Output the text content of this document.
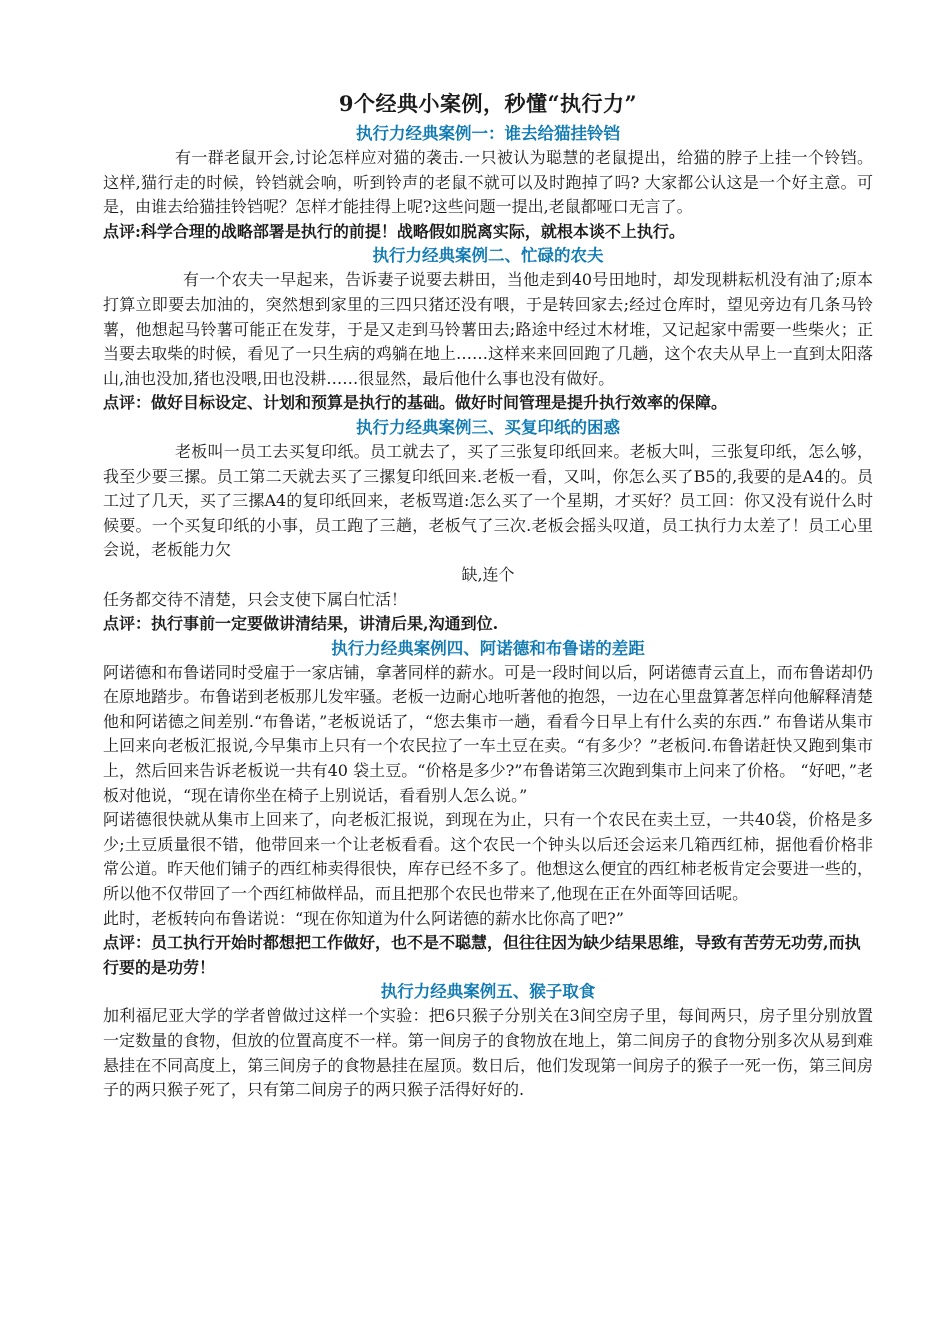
9个经典小案例，秒懂“执行力”
执行力经典案例一：谁去给猫挂铃铛

有一群老鼠开会,讨论怎样应对猫的袭击.一只被认为聪慧的老鼠提出，给猫的脖子上挂一个铃铛。这样,猫行走的时候，铃铛就会响，听到铃声的老鼠不就可以及时跑掉了吗? 大家都公认这是一个好主意。可是，由谁去给猫挂铃铛呢？怎样才能挂得上呢?这些问题一提出,老鼠都哑口无言了。

点评:科学合理的战略部署是执行的前提！战略假如脱离实际，就根本谈不上执行。

执行力经典案例二、忙碌的农夫

有一个农夫一早起来，告诉妻子说要去耕田，当他走到40号田地时，却发现耕耘机没有油了;原本打算立即要去加油的，突然想到家里的三四只猪还没有喂，于是转回家去;经过仓库时，望见旁边有几条马铃薯，他想起马铃薯可能正在发芽，于是又走到马铃薯田去;路途中经过木材堆，又记起家中需要一些柴火；正当要去取柴的时候，看见了一只生病的鸡躺在地上……这样来来回回跑了几趟，这个农夫从早上一直到太阳落山,油也没加,猪也没喂,田也没耕……很显然，最后他什么事也没有做好。

点评：做好目标设定、计划和预算是执行的基础。做好时间管理是提升执行效率的保障。

执行力经典案例三、买复印纸的困惑

老板叫一员工去买复印纸。员工就去了，买了三张复印纸回来。老板大叫，三张复印纸，怎么够，我至少要三摞。员工第二天就去买了三摞复印纸回来.老板一看，又叫，你怎么买了B5的,我要的是A4的。员工过了几天，买了三摞A4的复印纸回来，老板骂道:怎么买了一个星期，才买好？员工回：你又没有说什么时候要。一个买复印纸的小事，员工跑了三趟，老板气了三次.老板会摇头叹道，员工执行力太差了！员工心里会说，老板能力欠

缺,连个

任务都交待不清楚，只会支使下属白忙活！

点评：执行事前一定要做讲清结果，讲清后果,沟通到位.

执行力经典案例四、阿诺德和布鲁诺的差距

阿诺德和布鲁诺同时受雇于一家店铺，拿著同样的薪水。可是一段时间以后，阿诺德青云直上，而布鲁诺却仍在原地踏步。布鲁诺到老板那儿发牢骚。老板一边耐心地听著他的抱怨，一边在心里盘算著怎样向他解释清楚他和阿诺德之间差别.“布鲁诺，”老板说话了，“您去集市一趟，看看今日早上有什么卖的东西.” 布鲁诺从集市上回来向老板汇报说,今早集市上只有一个农民拉了一车土豆在卖。“有多少？”老板问.布鲁诺赶快又跑到集市上，然后回来告诉老板说一共有40 袋土豆。“价格是多少?”布鲁诺第三次跑到集市上问来了价格。 “好吧，”老板对他说，“现在请你坐在椅子上别说话，看看别人怎么说。”

阿诺德很快就从集市上回来了，向老板汇报说，到现在为止，只有一个农民在卖土豆，一共40袋，价格是多少;土豆质量很不错，他带回来一个让老板看看。这个农民一个钟头以后还会运来几箱西红柿，据他看价格非常公道。昨天他们铺子的西红柿卖得很快，库存已经不多了。他想这么便宜的西红柿老板肯定会要进一些的，所以他不仅带回了一个西红柿做样品，而且把那个农民也带来了,他现在正在外面等回话呢。

此时，老板转向布鲁诺说：“现在你知道为什么阿诺德的薪水比你高了吧?”

点评：员工执行开始时都想把工作做好，也不是不聪慧，但往往因为缺少结果思维，导致有苦劳无功劳,而执行要的是功劳！

执行力经典案例五、猴子取食

加利福尼亚大学的学者曾做过这样一个实验：把6只猴子分别关在3间空房子里，每间两只，房子里分别放置一定数量的食物，但放的位置高度不一样。第一间房子的食物放在地上，第二间房子的食物分别多次从易到难悬挂在不同高度上，第三间房子的食物悬挂在屋顶。数日后，他们发现第一间房子的猴子一死一伤，第三间房子的两只猴子死了，只有第二间房子的两只猴子活得好好的.
